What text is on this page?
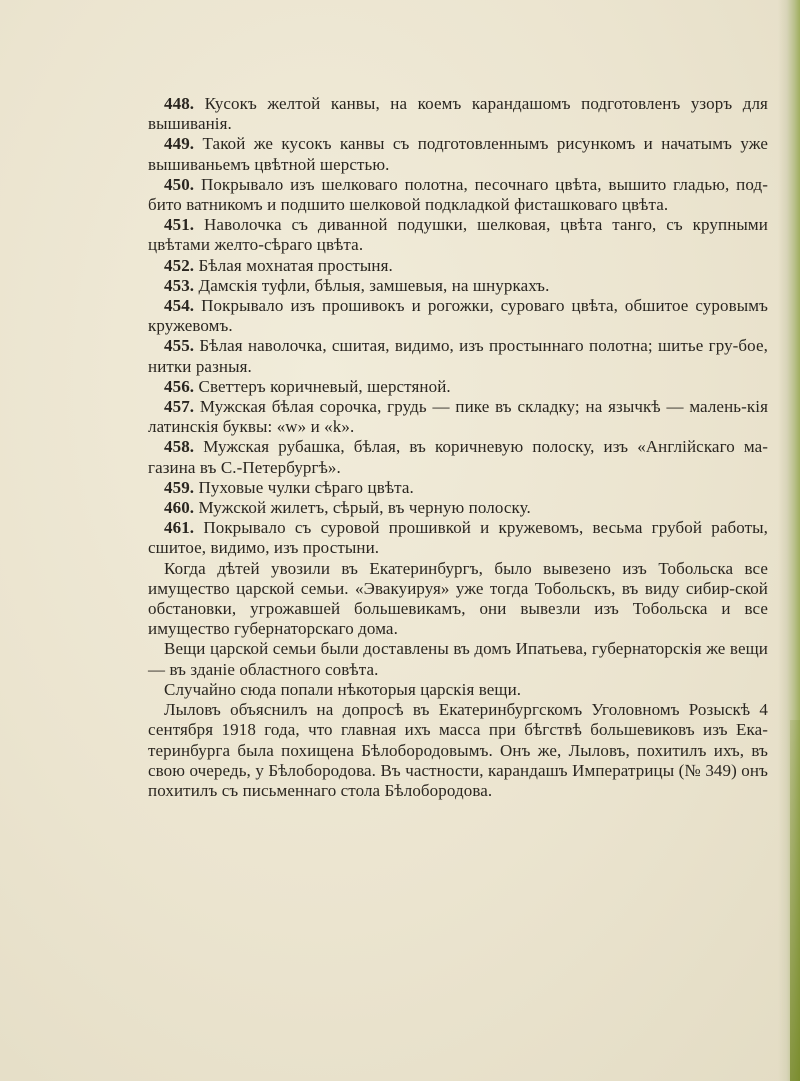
448. Кусокъ желтой канвы, на коемъ карандашомъ подготовленъ узоръ для вышиванія.

449. Такой же кусокъ канвы съ подготовленнымъ рисункомъ и начатымъ уже вышиваньемъ цвѣтной шерстью.

450. Покрывало изъ шелковаго полотна, песочнаго цвѣта, вышито гладью, под-бито ватникомъ и подшито шелковой подкладкой фисташковаго цвѣта.

451. Наволочка съ диванной подушки, шелковая, цвѣта танго, съ крупными цвѣтами желто-сѣраго цвѣта.

452. Бѣлая мохнатая простыня.

453. Дамскія туфли, бѣлыя, замшевыя, на шнуркахъ.

454. Покрывало изъ прошивокъ и рогожки, суроваго цвѣта, обшитое суровымъ кружевомъ.

455. Бѣлая наволочка, сшитая, видимо, изъ простыннаго полотна; шитье гру-бое, нитки разныя.

456. Светтеръ коричневый, шерстяной.

457. Мужская бѣлая сорочка, грудь — пике въ складку; на язычкѣ — малень-кія латинскія буквы: «w» и «k».

458. Мужская рубашка, бѣлая, въ коричневую полоску, изъ «Англійскаго ма-газина въ С.-Петербургѣ».

459. Пуховые чулки сѣраго цвѣта.

460. Мужской жилетъ, сѣрый, въ черную полоску.

461. Покрывало съ суровой прошивкой и кружевомъ, весьма грубой работы, сшитое, видимо, изъ простыни.

Когда дѣтей увозили въ Екатеринбургъ, было вывезено изъ Тобольска все имущество царской семьи. «Эвакуируя» уже тогда Тобольскъ, въ виду сибир-ской обстановки, угрожавшей большевикамъ, они вывезли изъ Тобольска и все имущество губернаторскаго дома.

Вещи царской семьи были доставлены въ домъ Ипатьева, губернаторскія же вещи — въ зданіе областного совѣта.

Случайно сюда попали нѣкоторыя царскія вещи.

Лыловъ объяснилъ на допросѣ въ Екатеринбургскомъ Уголовномъ Розыскѣ 4 сентября 1918 года, что главная ихъ масса при бѣгствѣ большевиковъ изъ Ека-теринбурга была похищена Бѣлобородовымъ. Онъ же, Лыловъ, похитилъ ихъ, въ свою очередь, у Бѣлобородова. Въ частности, карандашъ Императрицы (№ 349) онъ похитилъ съ письменнаго стола Бѣлобородова.
